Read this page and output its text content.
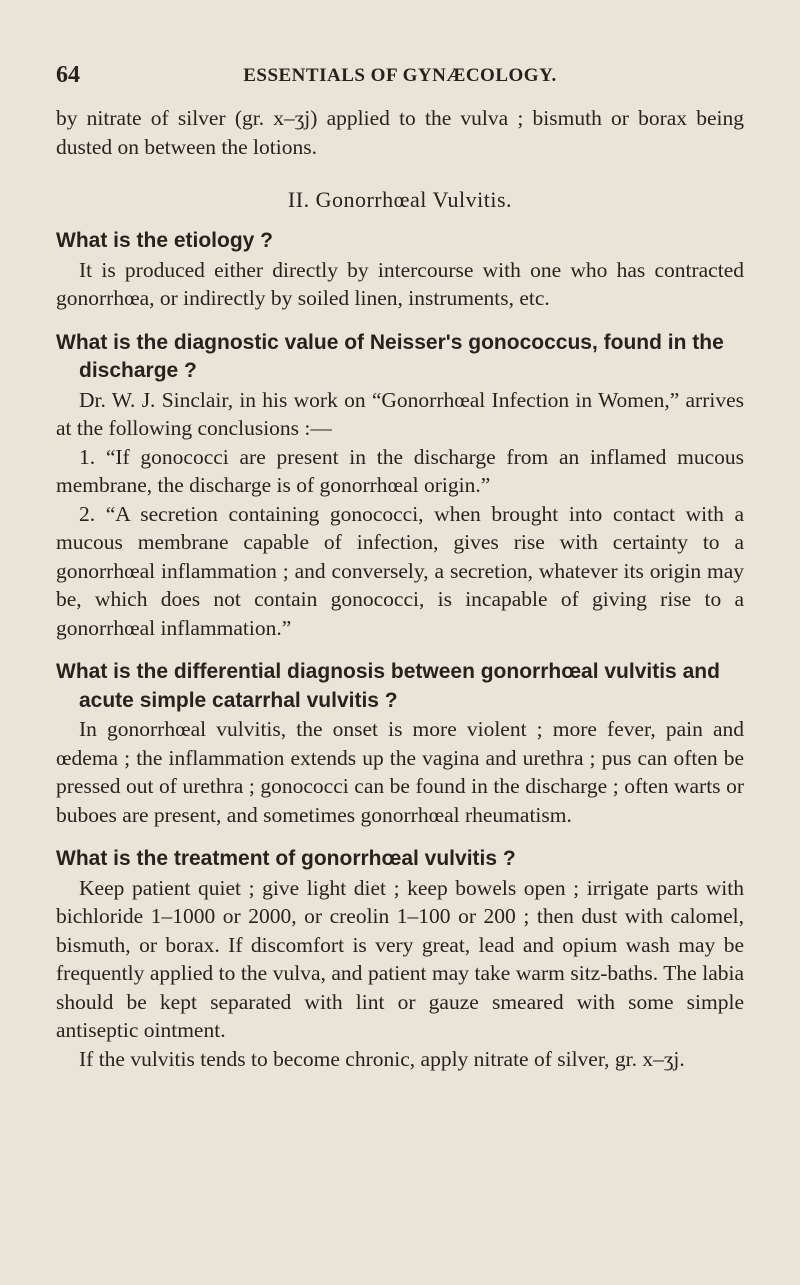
64	ESSENTIALS OF GYNÆCOLOGY.

by nitrate of silver (gr. x–ʒj) applied to the vulva ; bismuth or borax being dusted on between the lotions.

II. Gonorrhœal Vulvitis.
What is the etiology ?

It is produced either directly by intercourse with one who has contracted gonorrhœa, or indirectly by soiled linen, instruments, etc.

What is the diagnostic value of Neisser's gonococcus, found in the discharge ?

Dr. W. J. Sinclair, in his work on “Gonorrhœal Infection in Women,” arrives at the following conclusions :—

1. “If gonococci are present in the discharge from an inflamed mucous membrane, the discharge is of gonorrhœal origin.”

2. “A secretion containing gonococci, when brought into contact with a mucous membrane capable of infection, gives rise with certainty to a gonorrhœal inflammation ; and conversely, a secretion, whatever its origin may be, which does not contain gonococci, is incapable of giving rise to a gonorrhœal inflammation.”

What is the differential diagnosis between gonorrhœal vulvitis and acute simple catarrhal vulvitis ?

In gonorrhœal vulvitis, the onset is more violent ; more fever, pain and œdema ; the inflammation extends up the vagina and urethra ; pus can often be pressed out of urethra ; gonococci can be found in the discharge ; often warts or buboes are present, and sometimes gonorrhœal rheumatism.

What is the treatment of gonorrhœal vulvitis ?

Keep patient quiet ; give light diet ; keep bowels open ; irrigate parts with bichloride 1–1000 or 2000, or creolin 1–100 or 200 ; then dust with calomel, bismuth, or borax. If discomfort is very great, lead and opium wash may be frequently applied to the vulva, and patient may take warm sitz-baths. The labia should be kept separated with lint or gauze smeared with some simple antiseptic ointment.

If the vulvitis tends to become chronic, apply nitrate of silver, gr. x–ʒj.
